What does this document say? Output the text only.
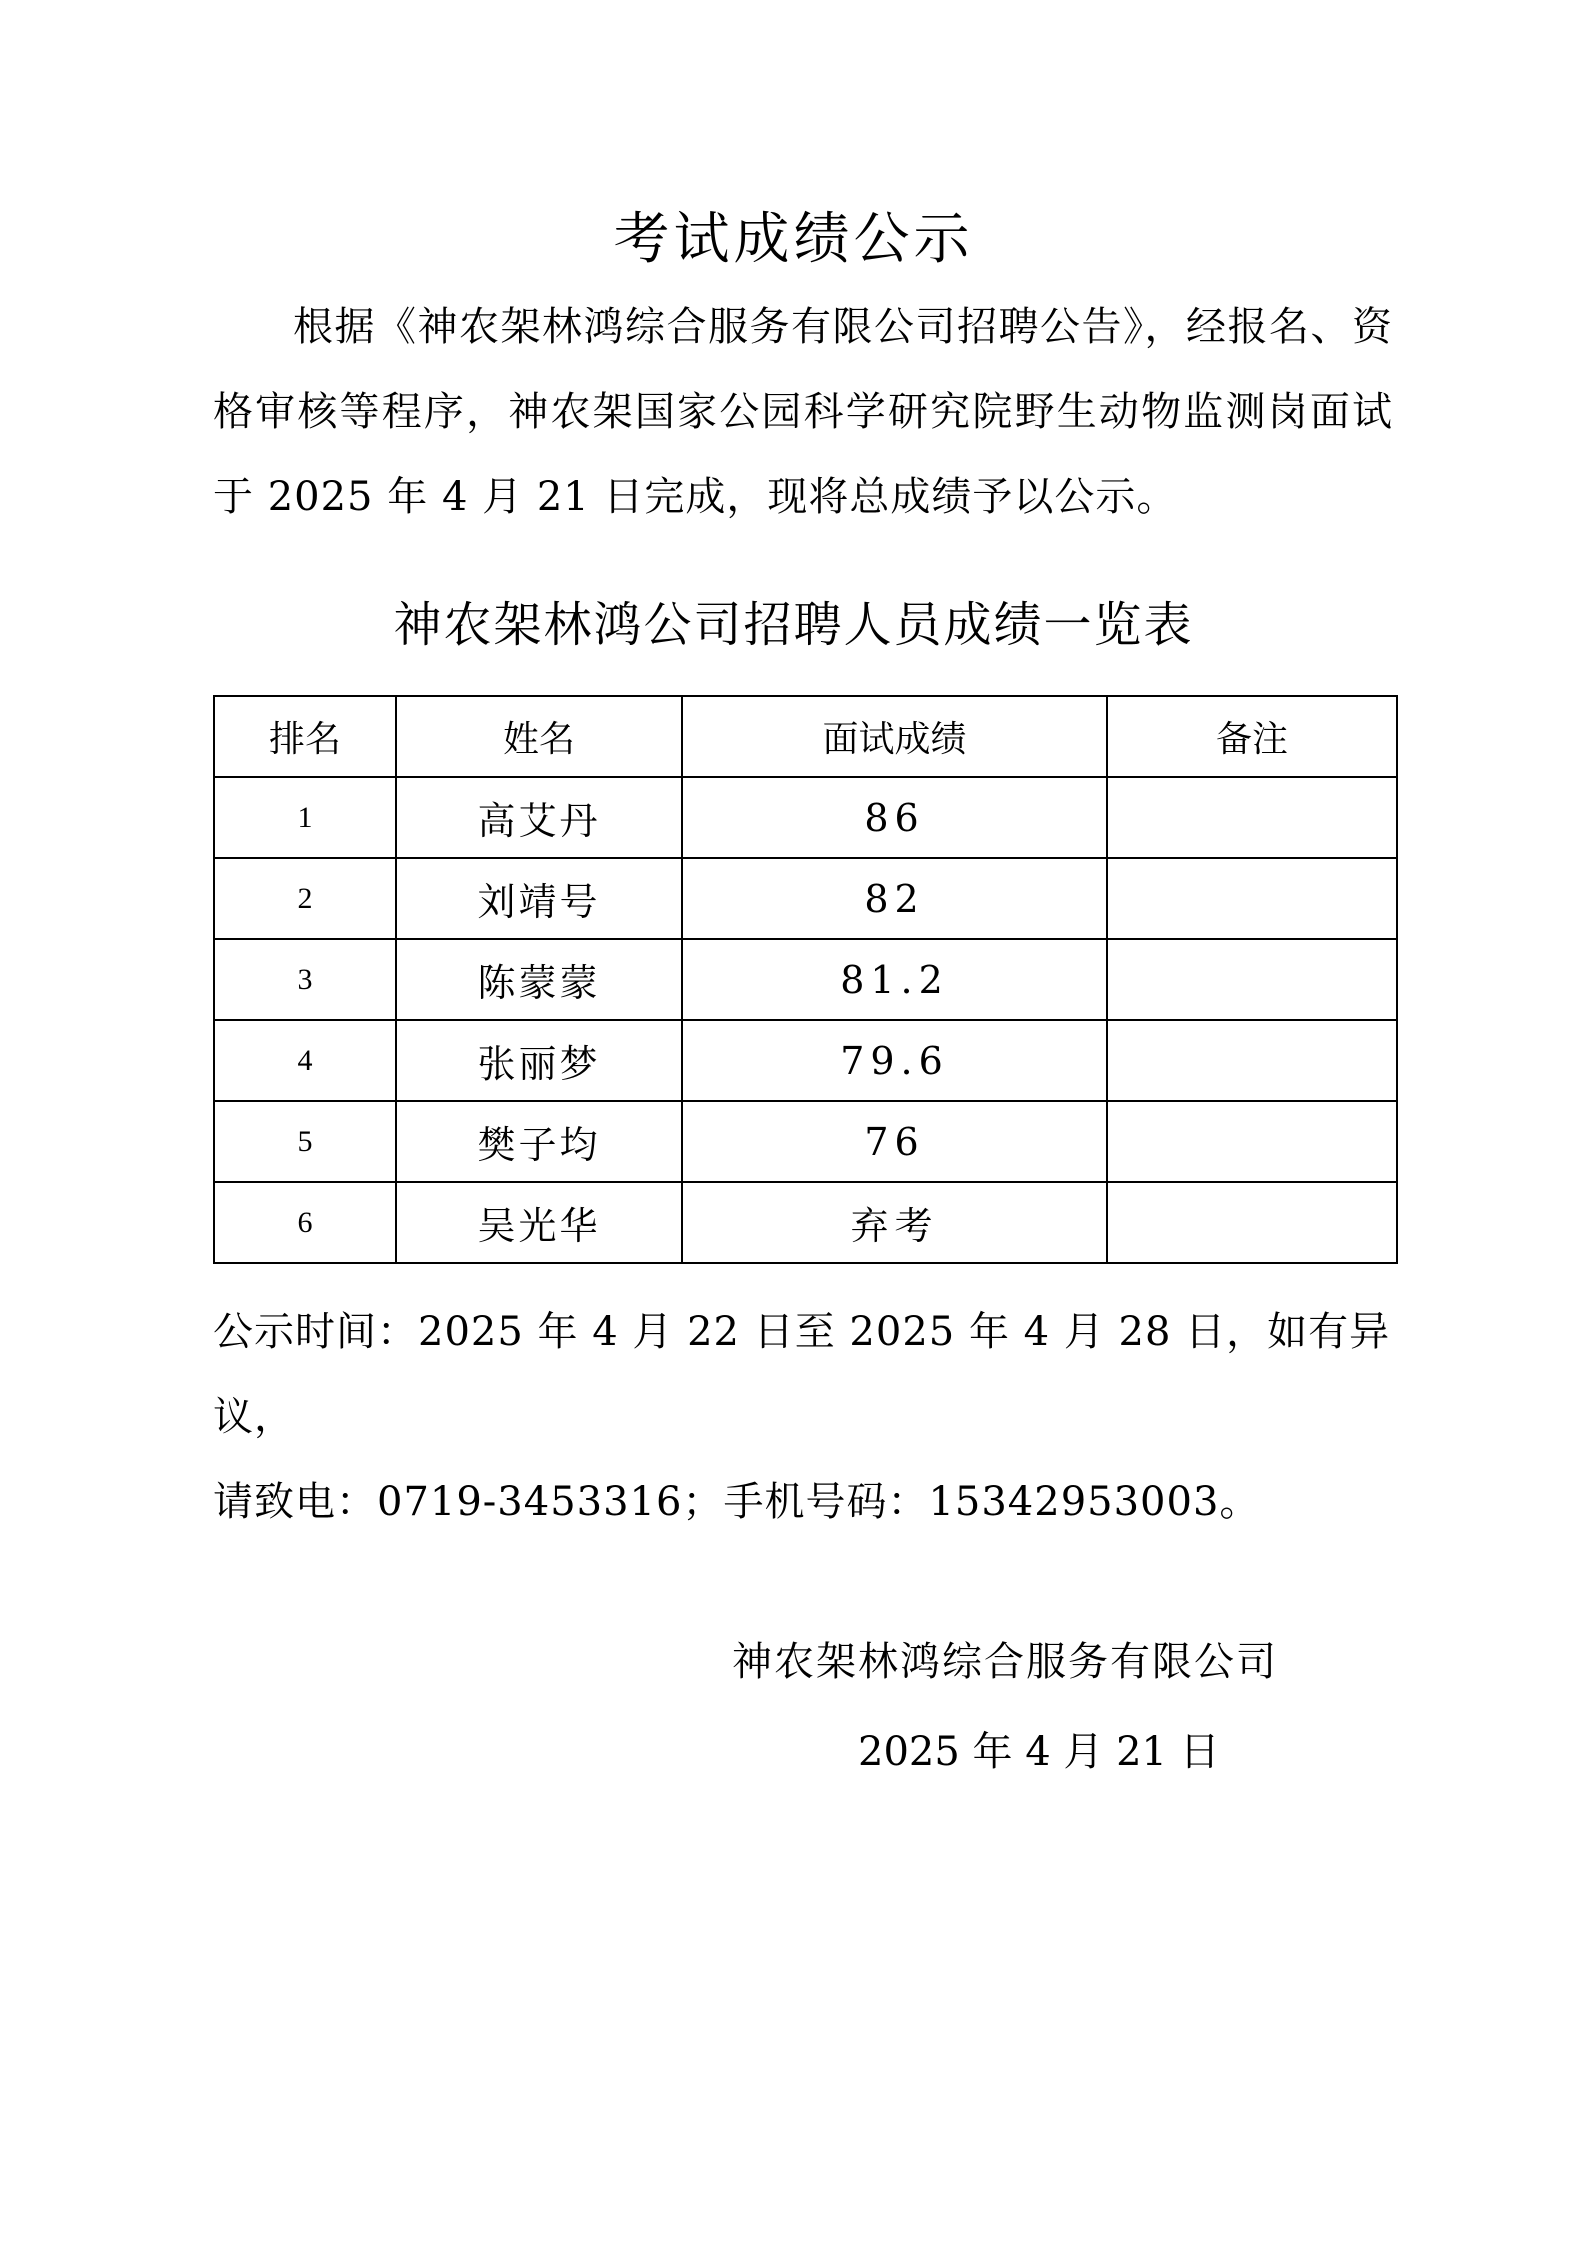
考试成绩公示

根据《神农架林鸿综合服务有限公司招聘公告》，经报名、资格审核等程序，神农架国家公园科学研究院野生动物监测岗面试于 2025 年 4 月 21 日完成，现将总成绩予以公示。

神农架林鸿公司招聘人员成绩一览表
排名	姓名	面试成绩	备注
1	高艾丹	86	
2	刘靖号	82	
3	陈蒙蒙	81.2	
4	张丽梦	79.6	
5	樊子均	76	
6	吴光华	弃考	
公示时间：2025 年 4 月 22 日至 2025 年 4 月 28 日，如有异议，
请致电：0719-3453316；手机号码：15342953003。
神农架林鸿综合服务有限公司
2025 年 4 月 21 日
